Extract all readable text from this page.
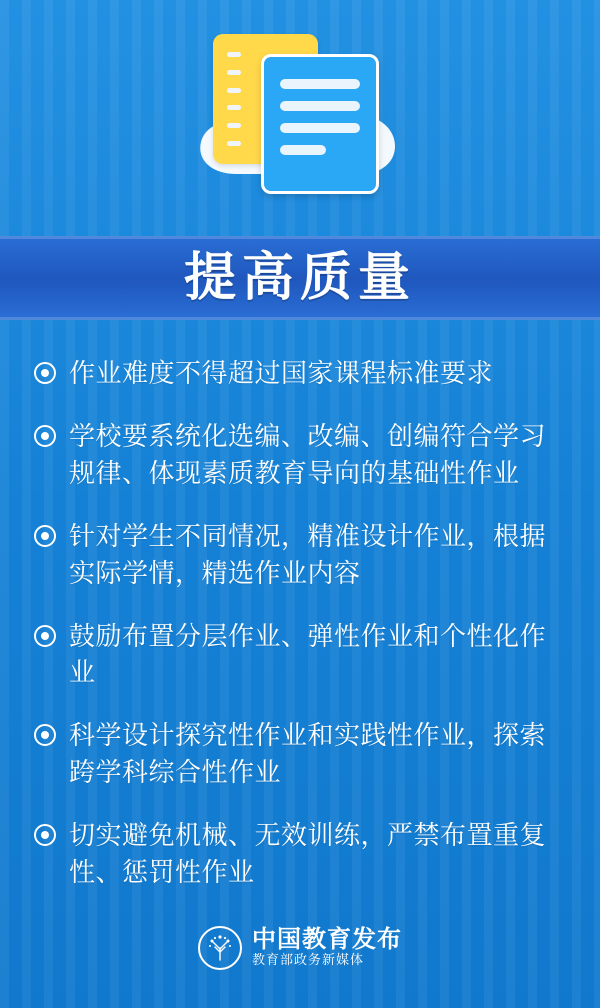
提高质量
作业难度不得超过国家课程标准要求
学校要系统化选编、改编、创编符合学习规律、体现素质教育导向的基础性作业
针对学生不同情况，精准设计作业，根据实际学情，精选作业内容
鼓励布置分层作业、弹性作业和个性化作业
科学设计探究性作业和实践性作业，探索跨学科综合性作业
切实避免机械、无效训练，严禁布置重复性、惩罚性作业
中国教育发布
教育部政务新媒体
